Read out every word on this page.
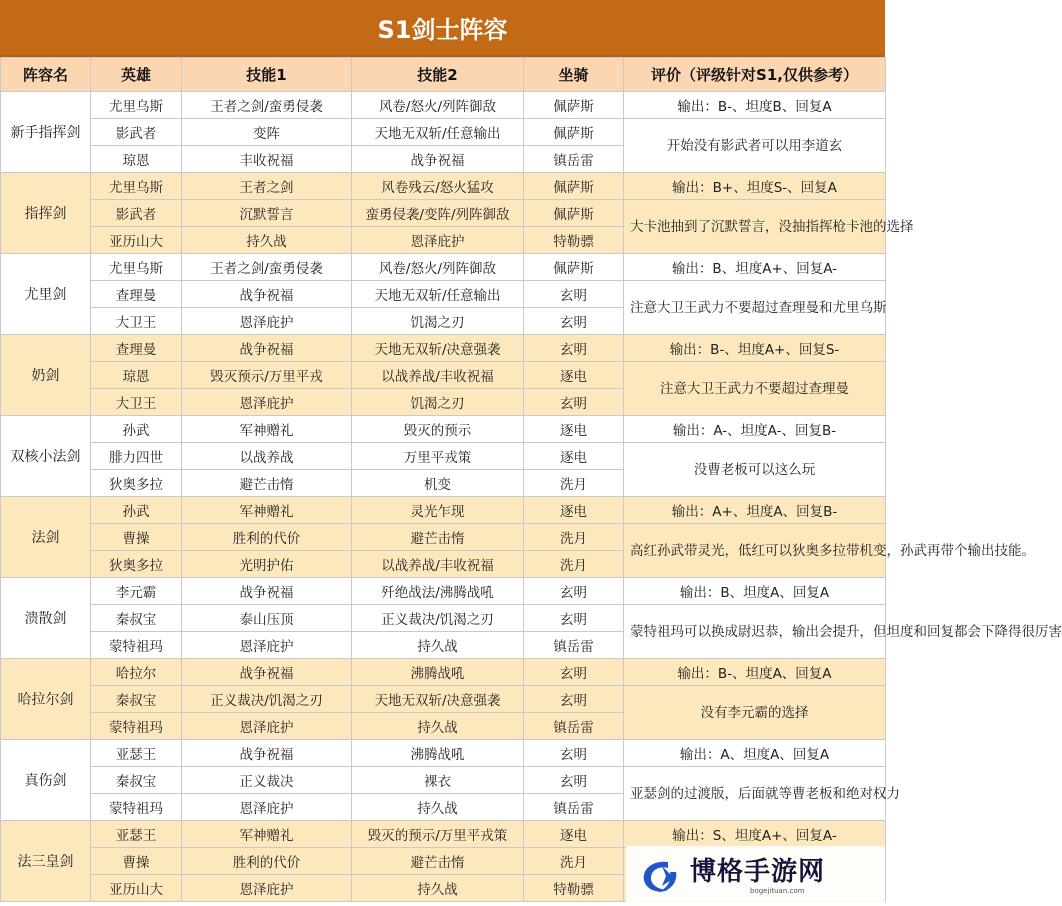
S1剑士阵容
阵容名	英雄	技能1	技能2	坐骑	评价（评级针对S1,仅供参考）
新手指挥剑	尤里乌斯	王者之剑/蛮勇侵袭	风卷/怒火/列阵御敌	佩萨斯	输出：B-、坦度B、回复A
	影武者	变阵	天地无双斩/任意输出	佩萨斯	开始没有影武者可以用李道玄
	琼恩	丰收祝福	战争祝福	镇岳雷	
指挥剑	尤里乌斯	王者之剑	风卷残云/怒火猛攻	佩萨斯	输出：B+、坦度S-、回复A
	影武者	沉默誓言	蛮勇侵袭/变阵/列阵御敌	佩萨斯	大卡池抽到了沉默誓言，没抽指挥枪卡池的选择
	亚历山大	持久战	恩泽庇护	特勒骠	
尤里剑	尤里乌斯	王者之剑/蛮勇侵袭	风卷/怒火/列阵御敌	佩萨斯	输出：B、坦度A+、回复A-
	查理曼	战争祝福	天地无双斩/任意输出	玄明	注意大卫王武力不要超过查理曼和尤里乌斯
	大卫王	恩泽庇护	饥渴之刃	玄明	
奶剑	查理曼	战争祝福	天地无双斩/决意强袭	玄明	输出：B-、坦度A+、回复S-
	琼恩	毁灭预示/万里平戎	以战养战/丰收祝福	逐电	注意大卫王武力不要超过查理曼
	大卫王	恩泽庇护	饥渴之刃	玄明	
双核小法剑	孙武	军神赠礼	毁灭的预示	逐电	输出：A-、坦度A-、回复B-
	腓力四世	以战养战	万里平戎策	逐电	没曹老板可以这么玩
	狄奥多拉	避芒击惰	机变	洗月	
法剑	孙武	军神赠礼	灵光乍现	逐电	输出：A+、坦度A、回复B-
	曹操	胜利的代价	避芒击惰	洗月	高红孙武带灵光，低红可以狄奥多拉带机变，孙武再带个输出技能。
	狄奥多拉	光明护佑	以战养战/丰收祝福	洗月	
溃散剑	李元霸	战争祝福	歼绝战法/沸腾战吼	玄明	输出：B、坦度A、回复A
	秦叔宝	泰山压顶	正义裁决/饥渴之刃	玄明	蒙特祖玛可以换成尉迟恭，输出会提升，但坦度和回复都会下降得很厉害
	蒙特祖玛	恩泽庇护	持久战	镇岳雷	
哈拉尔剑	哈拉尔	战争祝福	沸腾战吼	玄明	输出：B-、坦度A、回复A
	秦叔宝	正义裁决/饥渴之刃	天地无双斩/决意强袭	玄明	没有李元霸的选择
	蒙特祖玛	恩泽庇护	持久战	镇岳雷	
真伤剑	亚瑟王	战争祝福	沸腾战吼	玄明	输出：A、坦度A、回复A
	秦叔宝	正义裁决	裸衣	玄明	亚瑟剑的过渡版，后面就等曹老板和绝对权力
	蒙特祖玛	恩泽庇护	持久战	镇岳雷	
法三皇剑	亚瑟王	军神赠礼	毁灭的预示/万里平戎策	逐电	输出：S、坦度A+、回复A-
	曹操	胜利的代价	避芒击惰	洗月	
	亚历山大	恩泽庇护	持久战	特勒骠	
博格手游网
bogejituan.com
